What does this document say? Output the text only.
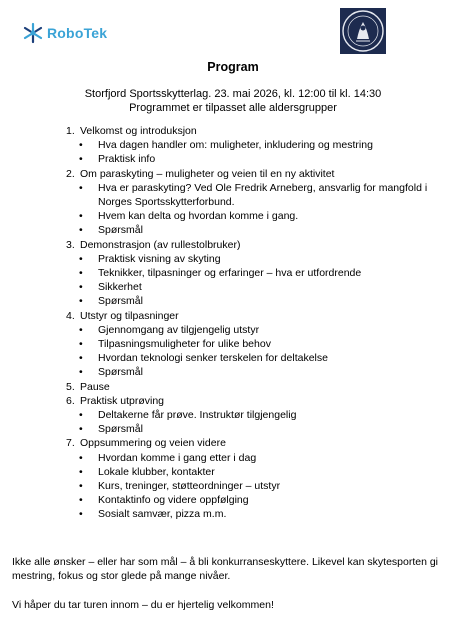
RoboTek
Program
Storfjord Sportsskytterlag. 23. mai 2026, kl. 12:00 til kl. 14:30
Programmet er tilpasset alle aldersgrupper
1. Velkomst og introduksjon
• Hva dagen handler om: muligheter, inkludering og mestring
• Praktisk info
2. Om paraskyting – muligheter og veien til en ny aktivitet
• Hva er paraskyting? Ved Ole Fredrik Arneberg, ansvarlig for mangfold i Norges Sportsskytterforbund.
• Hvem kan delta og hvordan komme i gang.
• Spørsmål
3. Demonstrasjon (av rullestolbruker)
• Praktisk visning av skyting
• Teknikker, tilpasninger og erfaringer – hva er utfordrende
• Sikkerhet
• Spørsmål
4. Utstyr og tilpasninger
• Gjennomgang av tilgjengelig utstyr
• Tilpasningsmuligheter for ulike behov
• Hvordan teknologi senker terskelen for deltakelse
• Spørsmål
5. Pause
6. Praktisk utprøving
• Deltakerne får prøve. Instruktør tilgjengelig
• Spørsmål
7. Oppsummering og veien videre
• Hvordan komme i gang etter i dag
• Lokale klubber, kontakter
• Kurs, treninger, støtteordninger – utstyr
• Kontaktinfo og videre oppfølging
• Sosialt samvær, pizza m.m.
Ikke alle ønsker – eller har som mål – å bli konkurranseskyttere. Likevel kan skytesporten gi mestring, fokus og stor glede på mange nivåer.
Vi håper du tar turen innom – du er hjertelig velkommen!
